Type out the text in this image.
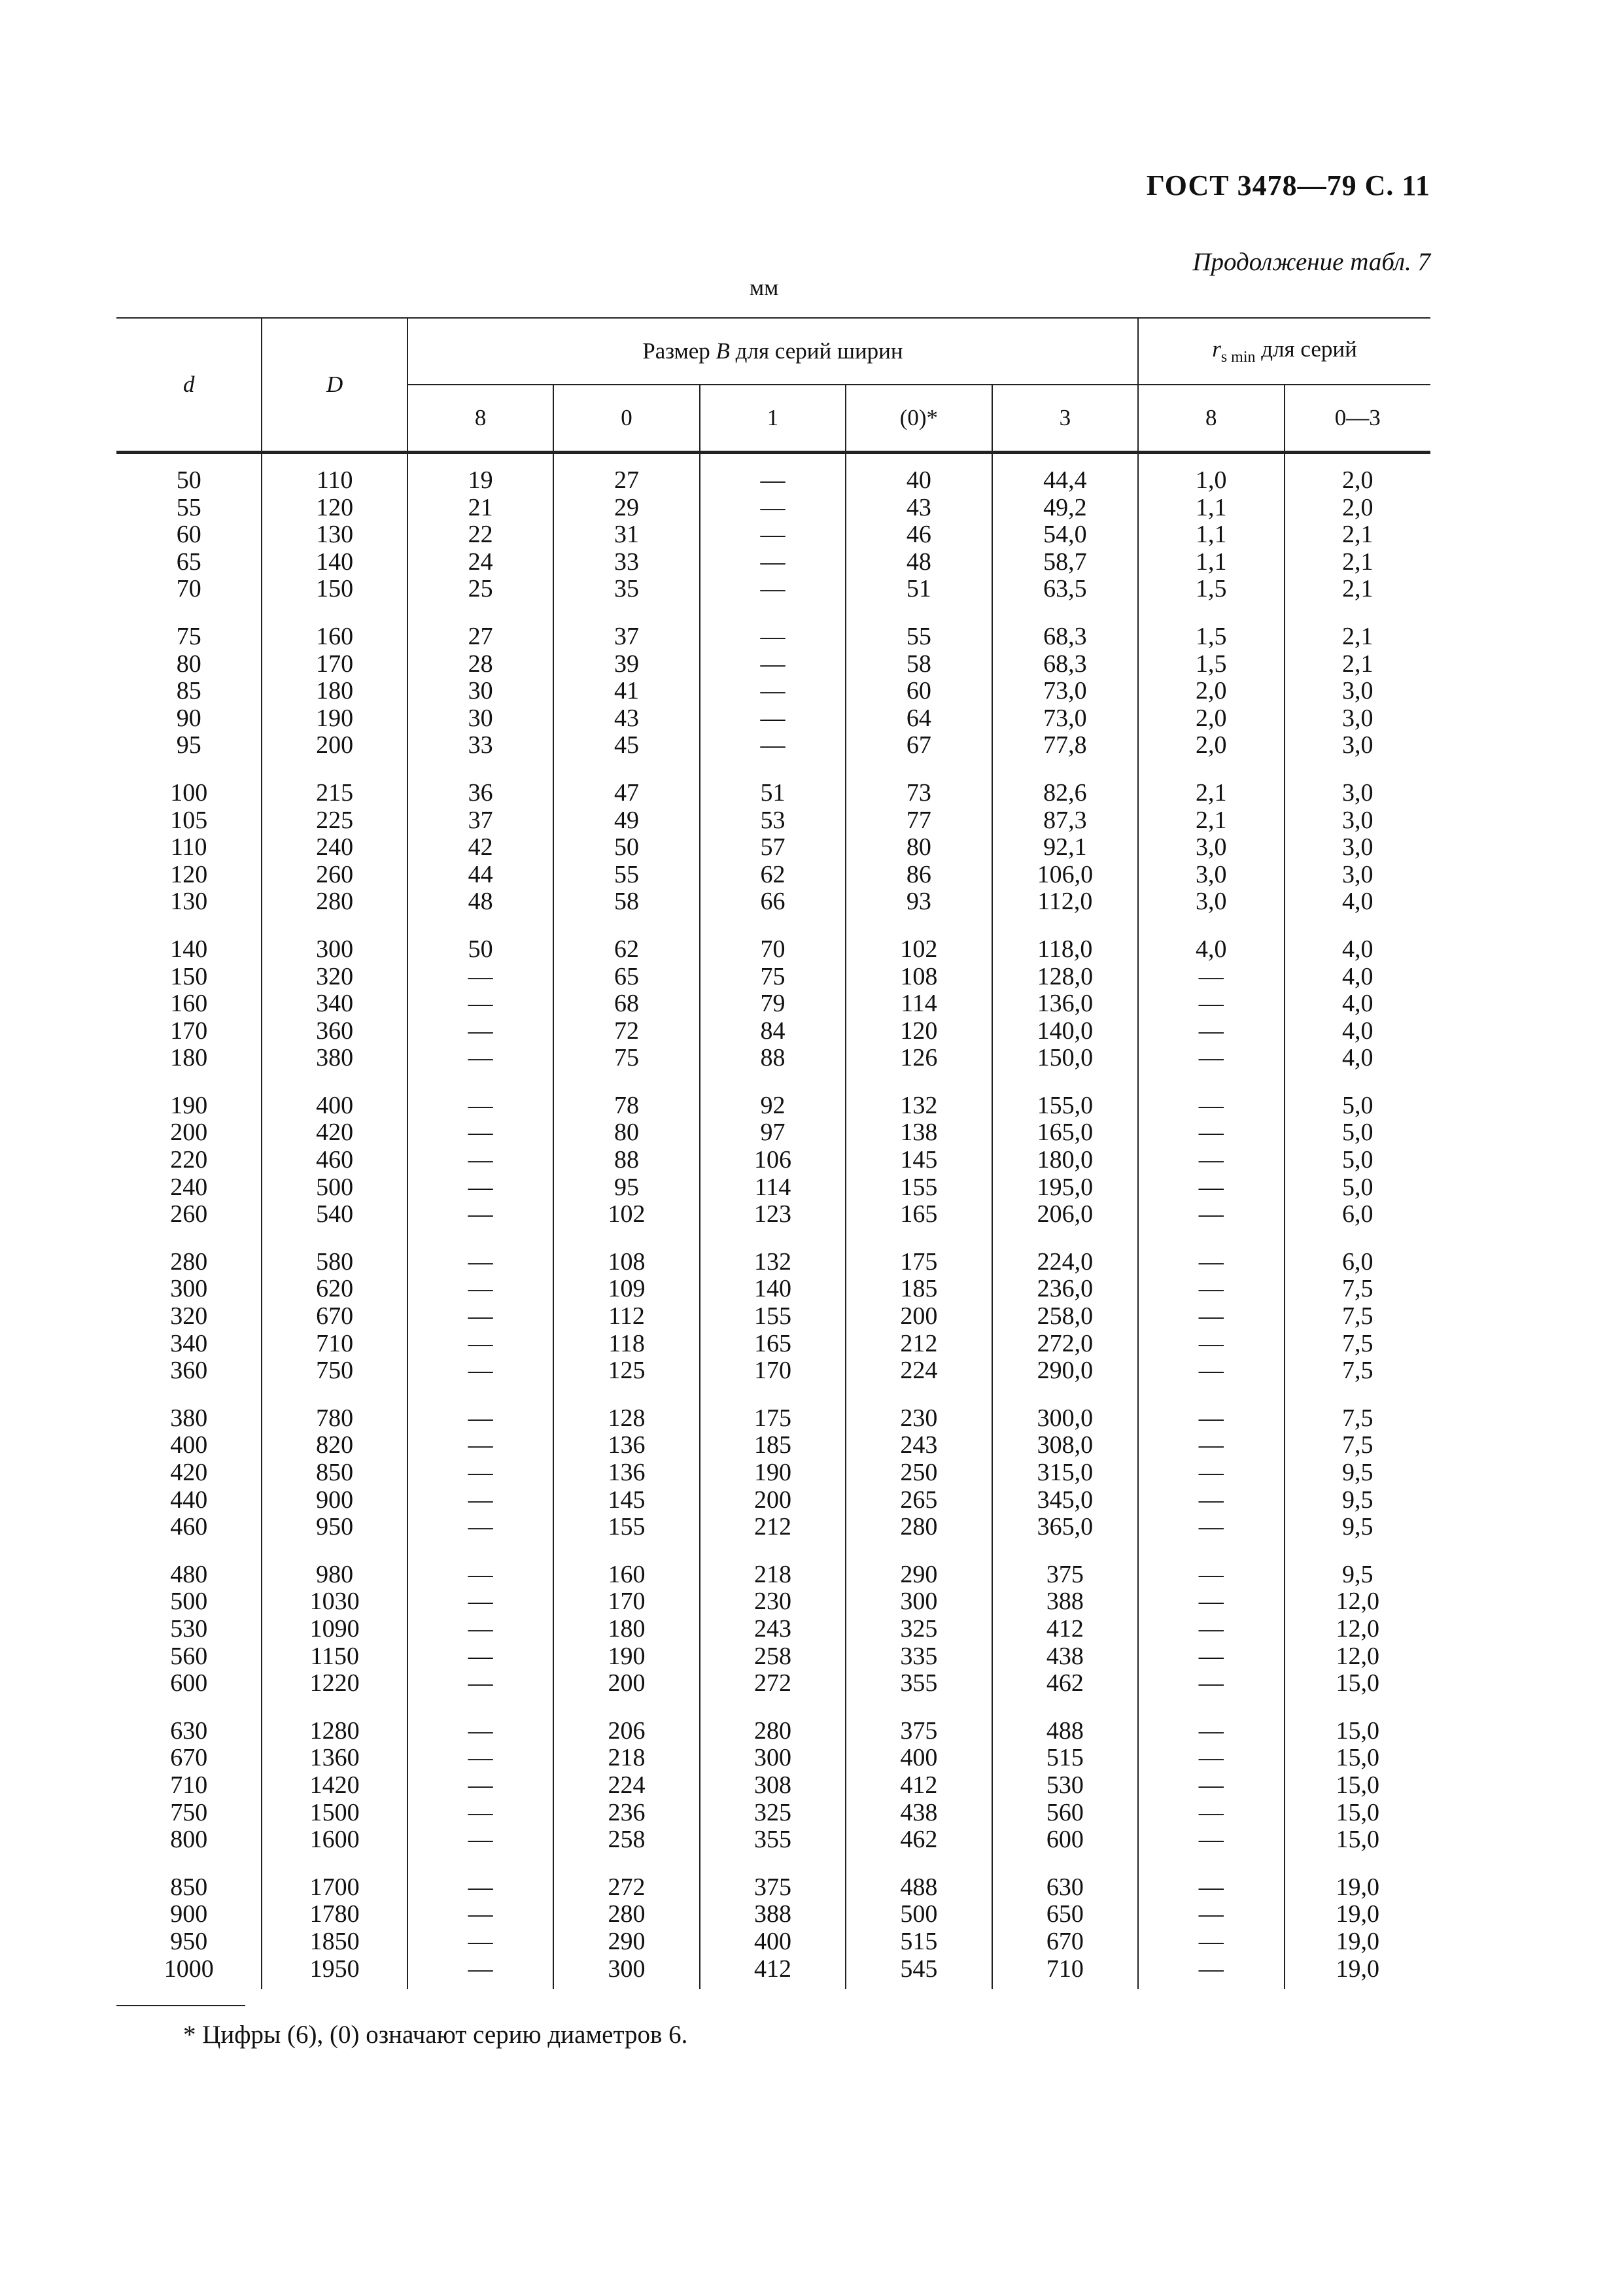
ГОСТ 3478—79 С. 11
Продолжение табл. 7
мм
d	D	Размер B для серий ширин					$r_{s min}$ для серий	
		8	0	1	(0)*	3	8	0—3
50	110	19	27	—	40	44,4	1,0	2,0
55	120	21	29	—	43	49,2	1,1	2,0
60	130	22	31	—	46	54,0	1,1	2,1
65	140	24	33	—	48	58,7	1,1	2,1
70	150	25	35	—	51	63,5	1,5	2,1
75	160	27	37	—	55	68,3	1,5	2,1
80	170	28	39	—	58	68,3	1,5	2,1
85	180	30	41	—	60	73,0	2,0	3,0
90	190	30	43	—	64	73,0	2,0	3,0
95	200	33	45	—	67	77,8	2,0	3,0
100	215	36	47	51	73	82,6	2,1	3,0
105	225	37	49	53	77	87,3	2,1	3,0
110	240	42	50	57	80	92,1	3,0	3,0
120	260	44	55	62	86	106,0	3,0	3,0
130	280	48	58	66	93	112,0	3,0	4,0
140	300	50	62	70	102	118,0	4,0	4,0
150	320	—	65	75	108	128,0	—	4,0
160	340	—	68	79	114	136,0	—	4,0
170	360	—	72	84	120	140,0	—	4,0
180	380	—	75	88	126	150,0	—	4,0
190	400	—	78	92	132	155,0	—	5,0
200	420	—	80	97	138	165,0	—	5,0
220	460	—	88	106	145	180,0	—	5,0
240	500	—	95	114	155	195,0	—	5,0
260	540	—	102	123	165	206,0	—	6,0
280	580	—	108	132	175	224,0	—	6,0
300	620	—	109	140	185	236,0	—	7,5
320	670	—	112	155	200	258,0	—	7,5
340	710	—	118	165	212	272,0	—	7,5
360	750	—	125	170	224	290,0	—	7,5
380	780	—	128	175	230	300,0	—	7,5
400	820	—	136	185	243	308,0	—	7,5
420	850	—	136	190	250	315,0	—	9,5
440	900	—	145	200	265	345,0	—	9,5
460	950	—	155	212	280	365,0	—	9,5
480	980	—	160	218	290	375	—	9,5
500	1030	—	170	230	300	388	—	12,0
530	1090	—	180	243	325	412	—	12,0
560	1150	—	190	258	335	438	—	12,0
600	1220	—	200	272	355	462	—	15,0
630	1280	—	206	280	375	488	—	15,0
670	1360	—	218	300	400	515	—	15,0
710	1420	—	224	308	412	530	—	15,0
750	1500	—	236	325	438	560	—	15,0
800	1600	—	258	355	462	600	—	15,0
850	1700	—	272	375	488	630	—	19,0
900	1780	—	280	388	500	650	—	19,0
950	1850	—	290	400	515	670	—	19,0
1000	1950	—	300	412	545	710	—	19,0
* Цифры (6), (0) означают серию диаметров 6.
